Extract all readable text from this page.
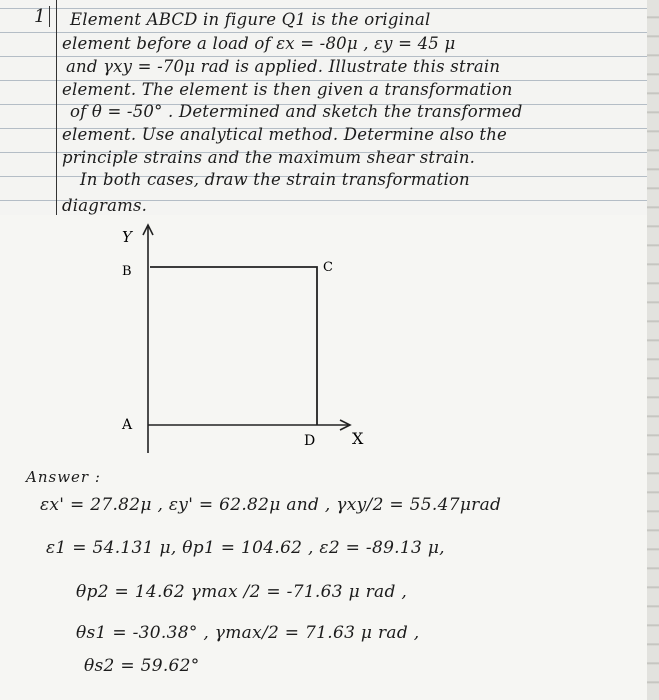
1	Element ABCD in figure Q1 is the original
element before a load of εx = -80μ , εy = 45 μ
and γxy = -70μ rad is applied. Illustrate this strain
element. The element is then given a transformation
of θ = -50° . Determined and sketch the transformed
element. Use analytical method. Determine also the
principle strains and the maximum shear strain.
In both cases, draw the strain transformation
diagrams.
Y
X
B	C
A
D
Answer :
εx' = 27.82μ , εy' = 62.82μ and , γxy/2 = 55.47μrad
ε1 = 54.131 μ, θp1 = 104.62 , ε2 = -89.13 μ,
θp2 = 14.62 γmax /2 = -71.63 μ rad ,
θs1 = -30.38° , γmax/2 = 71.63 μ rad ,
θs2 = 59.62°
